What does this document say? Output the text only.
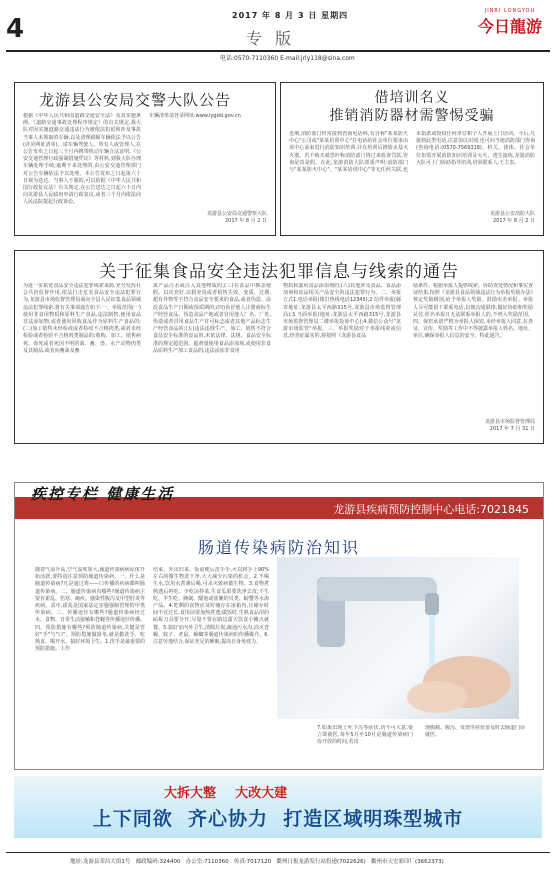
4	2017 年 8 月 3 日 星期四
专 版
JINRI LONGYOU
今日龍游
电话:0570-7110360 E-mail:jrly118@sina.com
龙游县公安局交警大队公告
根据《中华人民共和国道路交通安全法》及其实施条例、《道路交通事故处理程序规定》的有关规定,我大队对因实施道路交通违法行为被依法扣留和涉及事故当事人未领取的车辆,以及清理路障车辆依法予以公告(详见网址清单)。请车辆驾驶人、所有人或管理人,在公告发布之日起三个月内携带机动车辆合法证明,《公安交通管理行政强制措施凭证》等材料,到我大队办理车辆处理手续;逾期不来处理的,由公安交通管理部门对公告车辆依法予以处理。本公告发布之日起第六十日视为送达。当事人不服的,可以依据《中华人民共和国行政复议法》有关规定,在公告送达之日起六十日内向龙游县人民政府申请行政复议,或者三个月内依法向人民法院提起行政诉讼。

车辆清单请登录网址:www.lygdd.gov.cn

龙游县公安局交通警察大队
2017 年 8 月 2 日
借培训名义
推销消防器材需警惕受骗
近期,消防部门经常接到咨询电话称,有自称"某某防火中心"公司或"某某培训中心"打电话给社会单位要求由该中心前来进行消防知识培训,并在培训后推销水基灭火器。若不购买就恐吓称消防部门将过来检查罚款,咨询是真是假。在此,龙游消防大队郑重声明:消防部门与"某某防火中心"、"某某培训中心"等无任何关联,也未指派或授权任何单位和个人开展上门培训。今后,凡接到此类电话,注意加以识别,也可向当地消防部门咨询(咨询电话:(0570-7569318)。机关、团体、社会单位如需开展消防知识培训及灭火、逃生演练,龙游消防大队可上门协助指导培训,培训联系人:王主表。
龙游县公安消防大队
2017 年 8 月 2 日
关于征集食品安全违法犯罪信息与线索的通告
为进一步拓宽食品安全违法犯罪线索来源,充分发挥社会共治监督作用,依法打击危害食品安全违法犯罪行为,龙游县市场监督管理局面向全县人民征集食品领域违法犯罪线索,将有关事项通告如下:一、举报范围(一)使用非食用物质和原料生产食品,违法制售,使用食品非法添加物,或者使用回收食品作为原料生产食品的;(二)加工销售未经检疫或者检疫不合格肉类,或者未经检验或者检验不合格肉类制品的;收购、加工、销售病死、毒死或者死因不明的禽、畜、兽、水产动物肉类及其制品,或者向畜禽及畜
禽产品注水或注入其他物质的;(三)在食品中掺杂使假、以次充好,以假充真或者销售失效、变质、过期,超有异物等不符合食品安全要求的食品,或者伪造、涂改食品生产日期或保质期的;(四)伪冒他人注册商标生产经营食品、伪造食品产地或者冒用他人厂名、厂址,伪造或者冒用食品生产许可标志或者其他产品标志生产经营食品的;(五)违法违规生产、加工、销售不符合食品安全标准的食品的,未依法律、法规、食品安全标准的规定超范围、超剂量使用食品添加剂,或使用非食品原料生产加工食品的;违法添加非食用
物质和滥用食品添加剂的;(六)其他涉及食品、食品添加剂和食品相关产品安全的违法犯罪行为。二、举报方式1.电话举报(拨打热线电话12345);2.信件举报(邮寄地址:龙游县太平西路315号,龙游县市场监督管理局);3.当面举报(地址:龙游县太平西路315号,龙游县市场监督管理局二楼举报投诉中心);4.微信公众号"龙游市场监管"举报。三、举报奖励对于举报线索或信息,经查证属实的,将按照《龙游县食品
励条件、根据举报人提供线索、协助查处情况和事实查证结果,按照《龙游县食品领域违法行为举报奖励办法》核定奖励级别,给予举报人奖励。鼓励实名举报。举报人尽可能留下联系电话,以便沟通联络,做好协助和奖励兑付;匿名举报且无法联系举报人的,不列入奖励范围。四、保密承诺严格为举报人保密,未经举报人同意,在查证、宣传、奖励等工作中不得披露举报人姓名、地址、单位,确保举报人信息的安全。特此通告。
龙游县市场监督管理局
2017 年 7 月 31 日
疾控专栏 健康生活
龙游县疾病预防控制中心电话:7021845
肠道传染病防治知识
随着气温升高,空气湿度加大,肠道传染病病原体开始活跃,要特别注意预防肠道传染病。一、什么是肠道传染病?凡是通过粪——口传播的疾病都叫肠道传染病。二、肠道传染病有哪些?肠道传染病主要有霍乱、伤寒、痢疾、感染性腹泻及甲型肝炎等疾病。其中,霍乱是国家法定实施强制管理的甲类传染病。三、传播途径有哪些?肠道传染病经过水、食物、日常生活接触和苍蝇等传播途径传播。四、预防措施有哪些?预防肠道传染病,关键是管好"手"与"口"。预防措施做简单,就是勤洗手、吃熟食、喝开水、搞好环境卫生。1.洗手是最重要的预防措施。工作
结束、外出归来、饭前便后洗手手,可以将手上90%左右的微生物洗干净,大大减少污染的机会。2.不喝生水,饮用水煮沸后喝,可杀灭致病微生物。3.食物煮熟透后再吃。少吃凉拌菜,生食瓜果要洗净去皮;不生吃、半生吃、腌制、醋泡或盐腌的贝类、螃蟹等水海产品。4.吃剩的食物应及时储存在冰箱内,且储存时间不宜过长,食用前要加热煮透;做饭时,生熟食品用的砧板刀具要分开;尽量不要在路边露天饮食小摊点就餐。5.搞好室内外卫生,清除垃圾,疏通污水沟,消灭苍蝇、蚊子、老鼠、蟑螂等肠道传染病的传播媒介。6.注意劳逸结合,保证充足的睡眠,提高自身免疫力。
7.如果出现上吐下泻等症状,切不可大意,要立即就医,每年5月至10月是肠道传染病门诊开放的时间,若出
现腹痛、腹泻、发烧等症状要及时去肠道门诊就医。
大拆大整 大改大建
上下同欲  齐心协力  打造区域明珠型城市
地址:龙游县荣昌大街1号 邮政编码:324400 办公室:7110360 传真:7017120 衢州日报龙游发行站投递(7022626) 衢州市天宏彩印厂(3662373)
